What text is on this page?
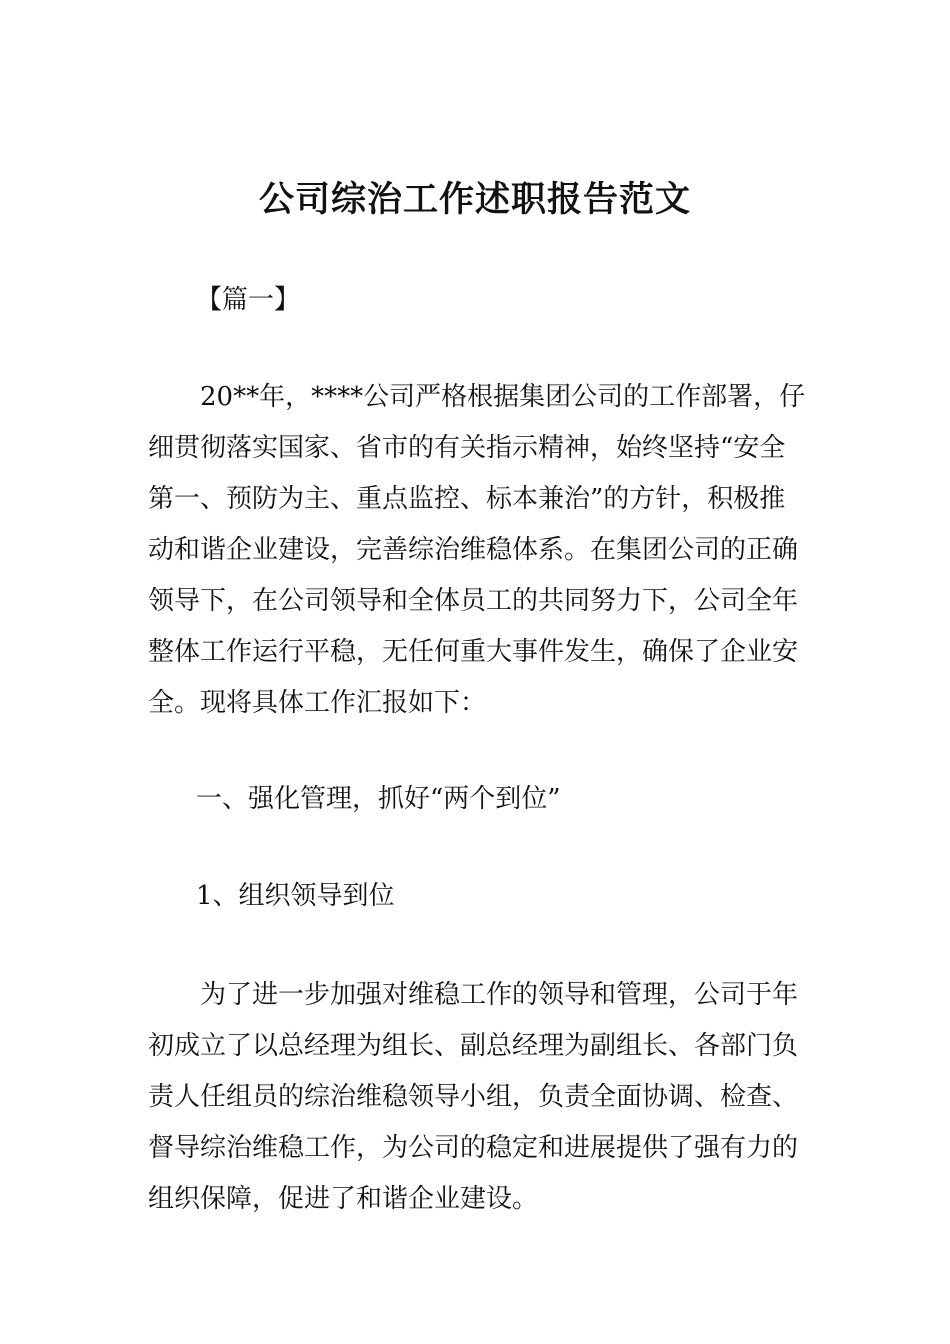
公司综治工作述职报告范文

【篇一】

20**年，****公司严格根据集团公司的工作部署，仔细贯彻落实国家、省市的有关指示精神，始终坚持“安全第一、预防为主、重点监控、标本兼治”的方针，积极推动和谐企业建设，完善综治维稳体系。在集团公司的正确领导下，在公司领导和全体员工的共同努力下，公司全年整体工作运行平稳，无任何重大事件发生，确保了企业安全。现将具体工作汇报如下：

一、强化管理，抓好“两个到位”

1、组织领导到位

为了进一步加强对维稳工作的领导和管理，公司于年初成立了以总经理为组长、副总经理为副组长、各部门负责人任组员的综治维稳领导小组，负责全面协调、检查、督导综治维稳工作，为公司的稳定和进展提供了强有力的组织保障，促进了和谐企业建设。
